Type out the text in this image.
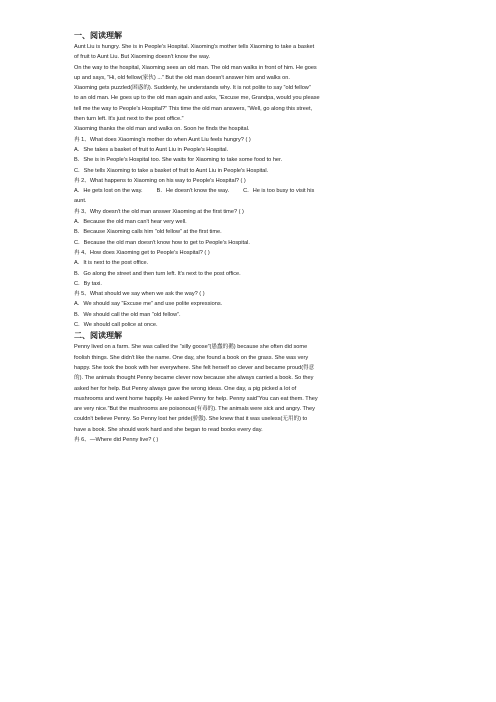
一、阅读理解

Aunt Liu is hungry. She is in People's Hospital. Xiaoming's mother tells Xiaoming to take a basket

of fruit to Aunt Liu. But Xiaoming doesn't know the way.

On the way to the hospital, Xiaoming sees an old man. The old man walks in front of him. He goes

up and says, “Hi, old fellow(家伙) ...” But the old man doesn't answer him and walks on.

Xiaoming gets puzzled(困惑的). Suddenly, he understands why. It is not polite to say “old fellow”

to an old man. He goes up to the old man again and asks, “Excuse me, Grandpa, would you please

tell me the way to People's Hospital?” This time the old man answers, “Well, go along this street,

then turn left. It's just next to the post office.”

Xiaoming thanks the old man and walks on. Soon he finds the hospital.

冉 1、What does Xiaoming's mother do when Aunt Liu feels hungry? ( )

A．She takes a basket of fruit to Aunt Liu in People's Hospital.

B．She is in People's Hospital too. She waits for Xiaoming to take some food to her.

C．She tells Xiaoming to take a basket of fruit to Aunt Liu in People's Hospital.

冉 2、What happens to Xiaoming on his way to People's Hospital? ( )

A．He gets lost on the way.	B．He doesn't know the way.	C．He is too busy to visit his

aunt.

冉 3、Why doesn't the old man answer Xiaoming at the first time? ( )

A．Because the old man can't hear very well.

B．Because Xiaoming calls him “old fellow” at the first time.

C．Because the old man doesn't know how to get to People's Hospital.

冉 4、How does Xiaoming get to People's Hospital? ( )

A．It is next to the post office.

B．Go along the street and then turn left. It's next to the post office.

C．By taxi.

冉 5、What should we say when we ask the way? ( )

A．We should say “Excuse me” and use polite expressions.

B．We should call the old man “old fellow”.

C．We should call police at once.

二、阅读理解

Penny lived on a farm. She was called the “silly goose”(愚蠢的鹅) because she often did some

foolish things. She didn't like the name. One day, she found a book on the grass. She was very

happy. She took the book with her everywhere. She felt herself so clever and became proud(得意

的). The animals thought Penny became clever now because she always carried a book. So they

asked her for help. But Penny always gave the wrong ideas. One day, a pig picked a lot of

mushrooms and went home happily. He asked Penny for help. Penny said“You can eat them. They

are very nice.”But the mushrooms are poisonous(有毒的). The animals were sick and angry. They

couldn't believe Penny. So Penny lost her pride(骄傲). She knew that it was useless(无用的) to

have a book. She should work hard and she began to read books every day.

冉 6、—Where did Penny live? ( )
